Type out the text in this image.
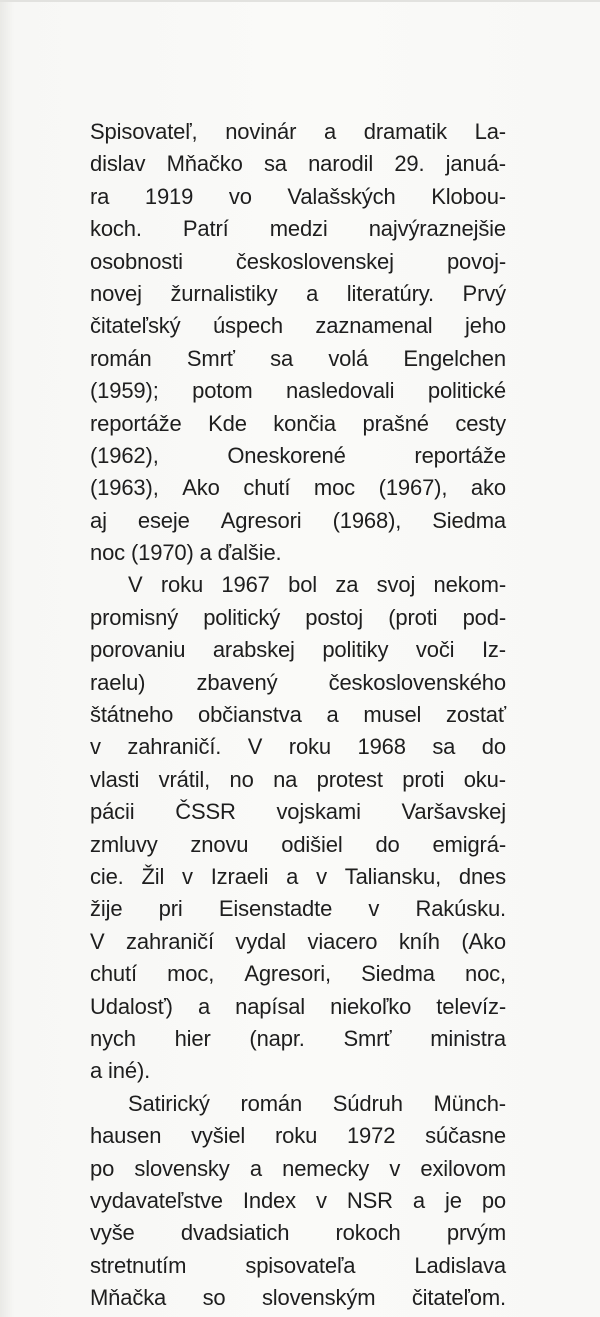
Spisovateľ, novinár a dramatik La-
dislav Mňačko sa narodil 29. januá-
ra 1919 vo Valašských Klobou-
koch. Patrí medzi najvýraznejšie
osobnosti československej povoj-
novej žurnalistiky a literatúry. Prvý
čitateľský úspech zaznamenal jeho
román Smrť sa volá Engelchen
(1959); potom nasledovali politické
reportáže Kde končia prašné cesty
(1962),	Oneskorené	reportáže
(1963), Ako chutí moc (1967), ako
aj eseje Agresori (1968), Siedma
noc (1970) a ďalšie.
V roku 1967 bol za svoj nekom-
promisný politický postoj (proti pod-
porovaniu arabskej politiky voči Iz-
raelu) zbavený československého
štátneho občianstva a musel zostať
v zahraničí. V roku 1968 sa do
vlasti vrátil, no na protest proti oku-
pácii ČSSR vojskami Varšavskej
zmluvy znovu odišiel do emigrá-
cie. Žil v Izraeli a v Taliansku, dnes
žije pri Eisenstadte v Rakúsku.
V zahraničí vydal viacero kníh (Ako
chutí moc, Agresori, Siedma noc,
Udalosť) a napísal niekoľko televíz-
nych hier (napr. Smrť ministra
a iné).
Satirický román Súdruh Münch-
hausen vyšiel roku 1972 súčasne
po slovensky a nemecky v exilovom
vydavateľstve Index v NSR a je po
vyše dvadsiatich rokoch prvým
stretnutím	spisovateľa	Ladislava
Mňačka so slovenským čitateľom.
